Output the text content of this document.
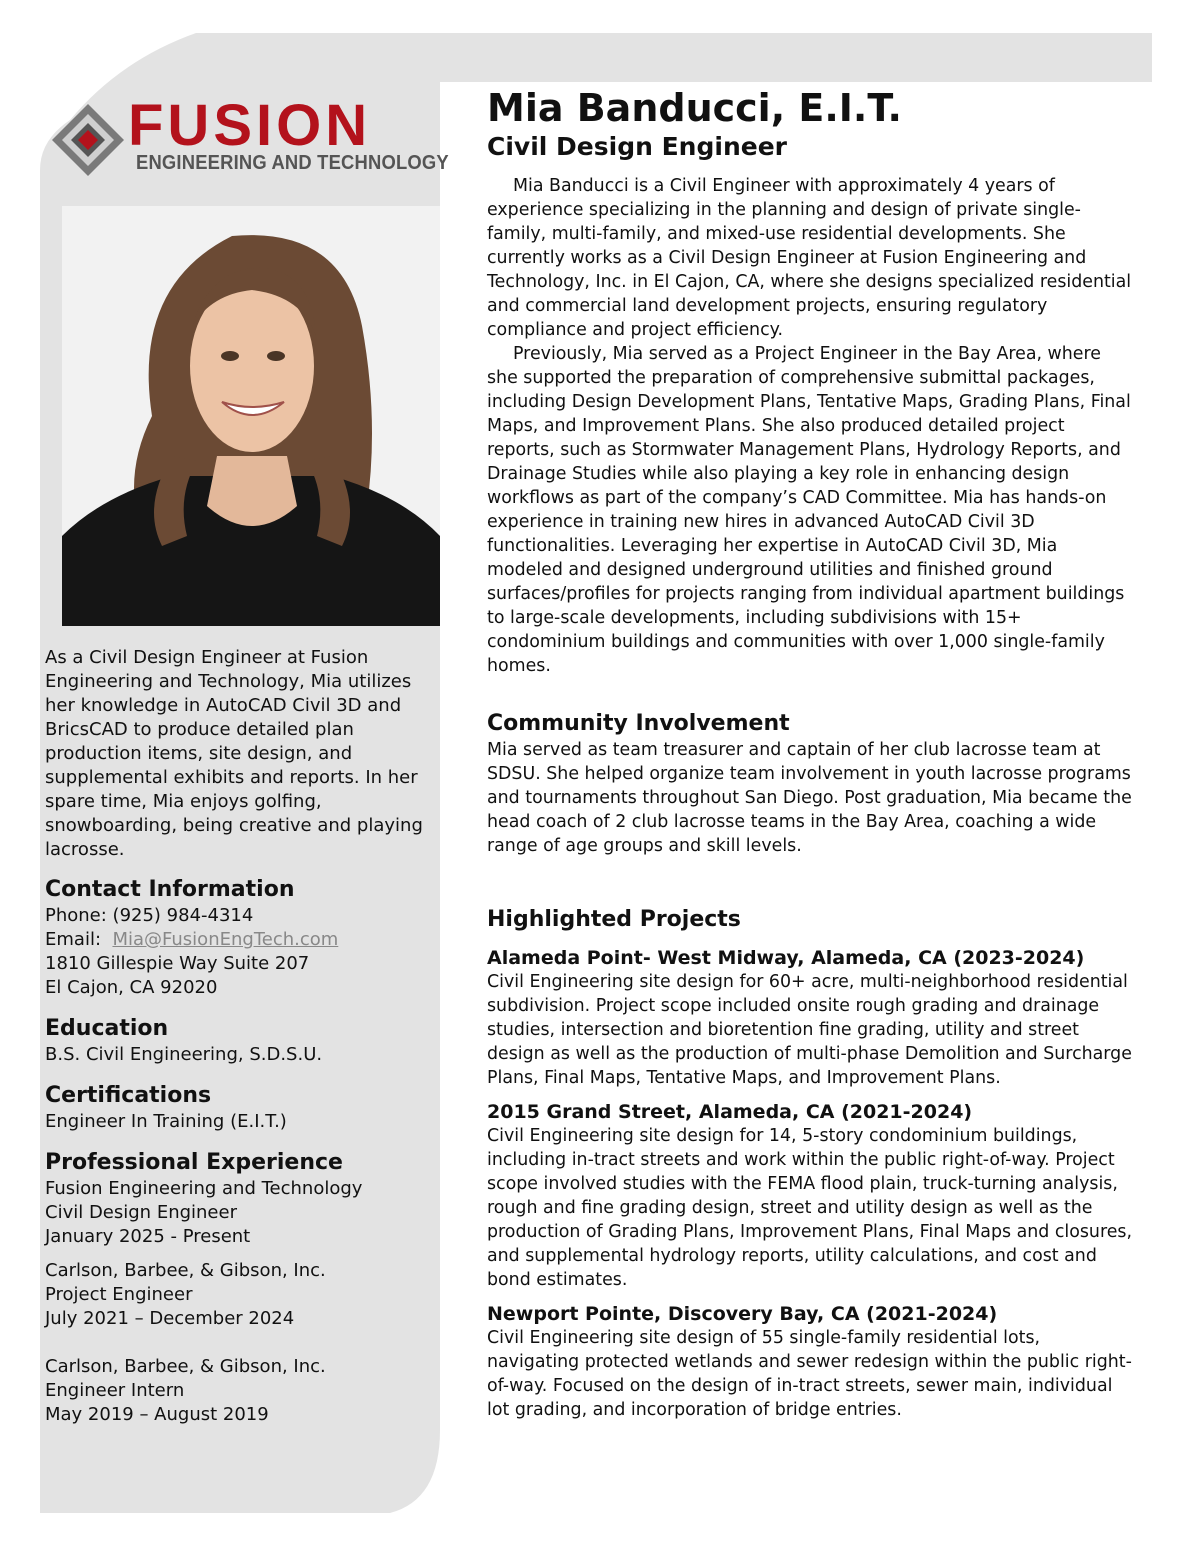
FUSION
ENGINEERING AND TECHNOLOGY

As a Civil Design Engineer at Fusion Engineering and Technology, Mia utilizes her knowledge in AutoCAD Civil 3D and BricsCAD to produce detailed plan production items, site design, and supplemental exhibits and reports. In her spare time, Mia enjoys golfing, snowboarding, being creative and playing lacrosse.

Contact Information

Phone: (925) 984-4314

Email: Mia@FusionEngTech.com

1810 Gillespie Way Suite 207

El Cajon, CA 92020

Education

B.S. Civil Engineering, S.D.S.U.

Certifications

Engineer In Training (E.I.T.)

Professional Experience

Fusion Engineering and Technology

Civil Design Engineer

January 2025 - Present

Carlson, Barbee, & Gibson, Inc.

Project Engineer

July 2021 – December 2024

Carlson, Barbee, & Gibson, Inc.

Engineer Intern

May 2019 – August 2019

Mia Banducci, E.I.T.
Civil Design Engineer

Mia Banducci is a Civil Engineer with approximately 4 years of experience specializing in the planning and design of private single-family, multi-family, and mixed-use residential developments. She currently works as a Civil Design Engineer at Fusion Engineering and Technology, Inc. in El Cajon, CA, where she designs specialized residential and commercial land development projects, ensuring regulatory compliance and project efficiency.

Previously, Mia served as a Project Engineer in the Bay Area, where she supported the preparation of comprehensive submittal packages, including Design Development Plans, Tentative Maps, Grading Plans, Final Maps, and Improvement Plans. She also produced detailed project reports, such as Stormwater Management Plans, Hydrology Reports, and Drainage Studies while also playing a key role in enhancing design workflows as part of the company’s CAD Committee. Mia has hands-on experience in training new hires in advanced AutoCAD Civil 3D functionalities. Leveraging her expertise in AutoCAD Civil 3D, Mia modeled and designed underground utilities and finished ground surfaces/profiles for projects ranging from individual apartment buildings to large-scale developments, including subdivisions with 15+ condominium buildings and communities with over 1,000 single-family homes.

Community Involvement

Mia served as team treasurer and captain of her club lacrosse team at SDSU. She helped organize team involvement in youth lacrosse programs and tournaments throughout San Diego. Post graduation, Mia became the head coach of 2 club lacrosse teams in the Bay Area, coaching a wide range of age groups and skill levels.

Highlighted Projects

Alameda Point- West Midway, Alameda, CA (2023-2024)

Civil Engineering site design for 60+ acre, multi-neighborhood residential subdivision. Project scope included onsite rough grading and drainage studies, intersection and bioretention fine grading, utility and street design as well as the production of multi-phase Demolition and Surcharge Plans, Final Maps, Tentative Maps, and Improvement Plans.

2015 Grand Street, Alameda, CA (2021-2024)

Civil Engineering site design for 14, 5-story condominium buildings, including in-tract streets and work within the public right-of-way. Project scope involved studies with the FEMA flood plain, truck-turning analysis, rough and fine grading design, street and utility design as well as the production of Grading Plans, Improvement Plans, Final Maps and closures, and supplemental hydrology reports, utility calculations, and cost and bond estimates.

Newport Pointe, Discovery Bay, CA (2021-2024)

Civil Engineering site design of 55 single-family residential lots, navigating protected wetlands and sewer redesign within the public right-of-way. Focused on the design of in-tract streets, sewer main, individual lot grading, and incorporation of bridge entries.
